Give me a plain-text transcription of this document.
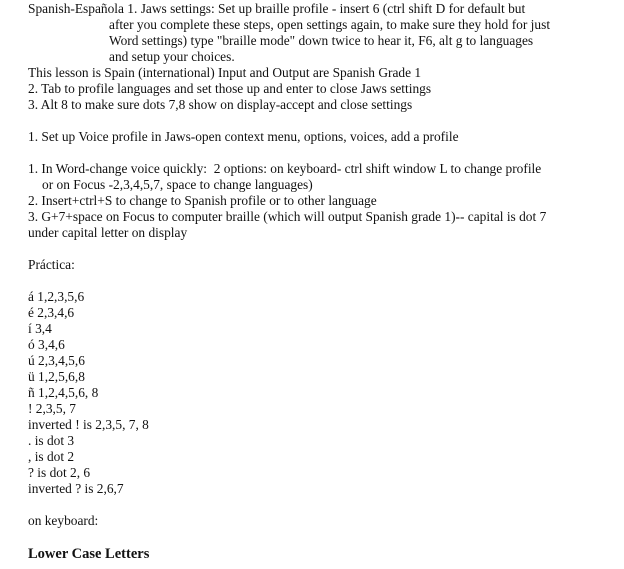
Spanish-Española 1. Jaws settings: Set up braille profile - insert 6 (ctrl shift D for default but

after you complete these steps, open settings again, to make sure they hold for just

Word settings) type "braille mode" down twice to hear it, F6, alt g to languages

and setup your choices.

This lesson is Spain (international) Input and Output are Spanish Grade 1

2. Tab to profile languages and set those up and enter to close Jaws settings

3. Alt 8 to make sure dots 7,8 show on display-accept and close settings

1. Set up Voice profile in Jaws-open context menu, options, voices, add a profile

1. In Word-change voice quickly:  2 options: on keyboard- ctrl shift window L to change profile

or on Focus -2,3,4,5,7, space to change languages)

2. Insert+ctrl+S to change to Spanish profile or to other language

3. G+7+space on Focus to computer braille (which will output Spanish grade 1)-- capital is dot 7

under capital letter on display

Práctica:

á 1,2,3,5,6

é 2,3,4,6

í 3,4

ó 3,4,6

ú 2,3,4,5,6

ü 1,2,5,6,8

ñ 1,2,4,5,6, 8

! 2,3,5, 7

inverted ! is 2,3,5, 7, 8

. is dot 3

, is dot 2

? is dot 2, 6

inverted ? is 2,6,7

on keyboard:

Lower Case Letters
